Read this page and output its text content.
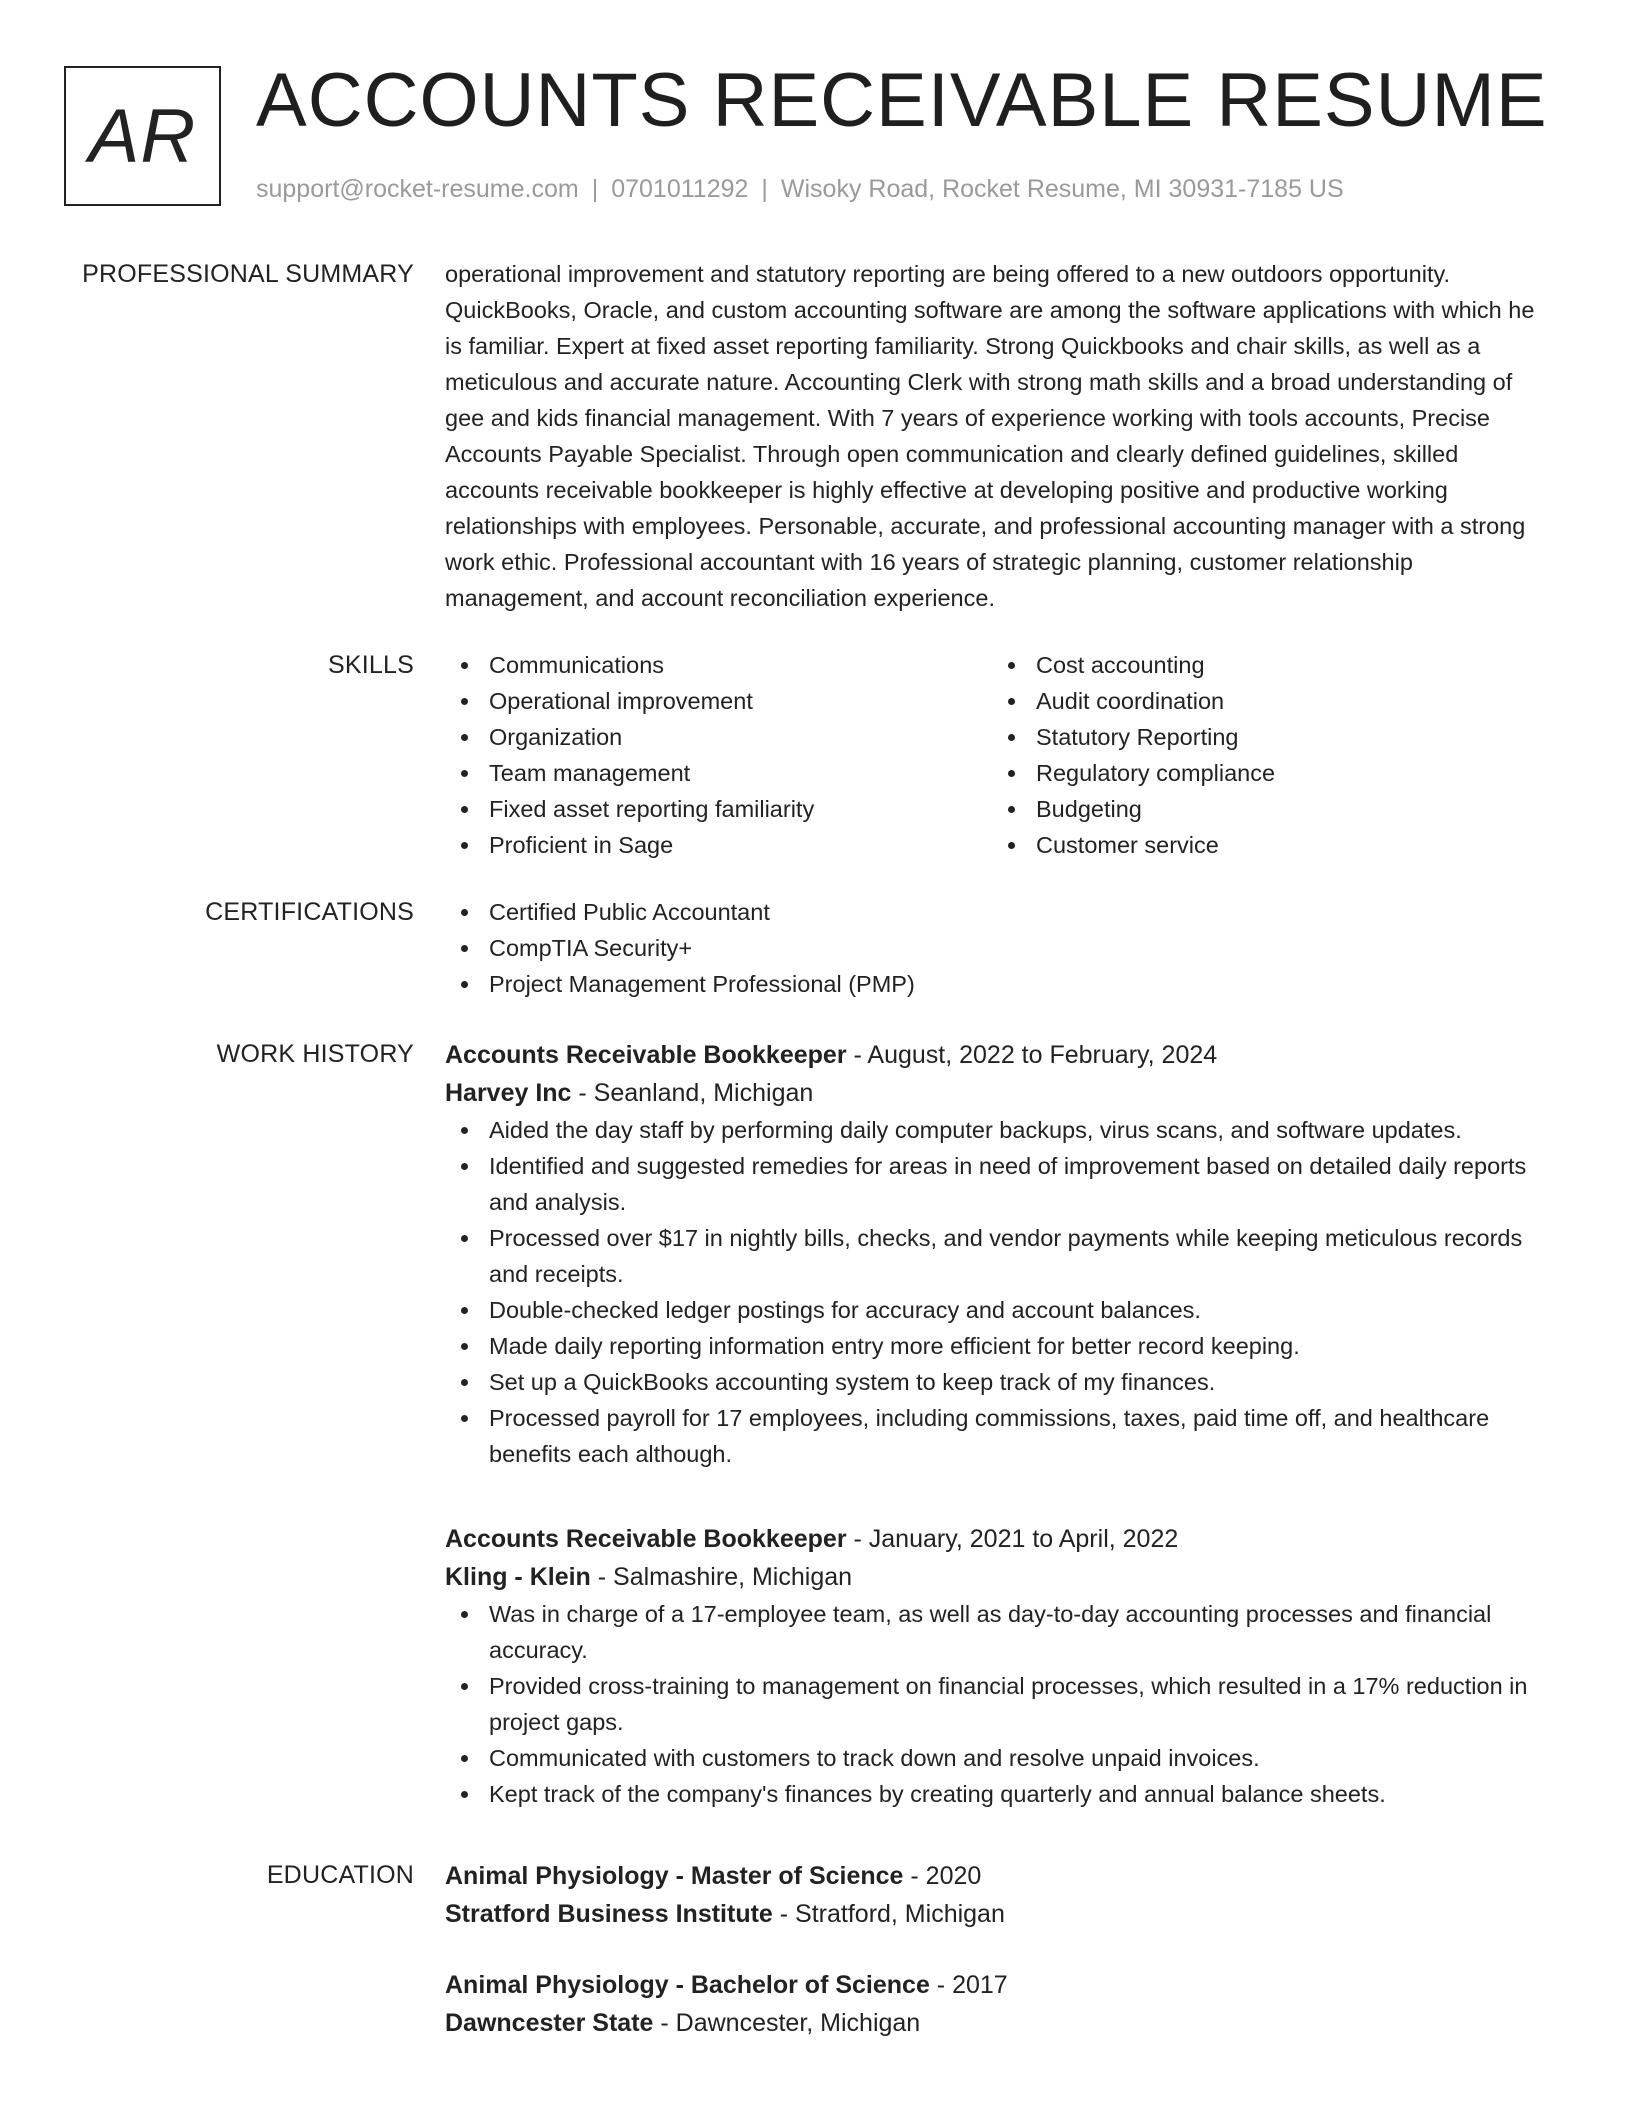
AR ACCOUNTS RECEIVABLE RESUME
support@rocket-resume.com | 0701011292 | Wisoky Road, Rocket Resume, MI 30931-7185 US
PROFESSIONAL SUMMARY operational improvement and statutory reporting are being offered to a new outdoors opportunity. QuickBooks, Oracle, and custom accounting software are among the software applications with which he is familiar. Expert at fixed asset reporting familiarity. Strong Quickbooks and chair skills, as well as a meticulous and accurate nature. Accounting Clerk with strong math skills and a broad understanding of gee and kids financial management. With 7 years of experience working with tools accounts, Precise Accounts Payable Specialist. Through open communication and clearly defined guidelines, skilled accounts receivable bookkeeper is highly effective at developing positive and productive working relationships with employees. Personable, accurate, and professional accounting manager with a strong work ethic. Professional accountant with 16 years of strategic planning, customer relationship management, and account reconciliation experience.

SKILLS	Communications
Operational improvement
Organization
Team management
Fixed asset reporting familiarity
Proficient in Sage
Cost accounting
Audit coordination
Statutory Reporting
Regulatory compliance
Budgeting
Customer service
CERTIFICATIONS	Certified Public Accountant
CompTIA Security+
Project Management Professional (PMP)
WORK HISTORY Accounts Receivable Bookkeeper - August, 2022 to February, 2024
Harvey Inc - Seanland, Michigan
Aided the day staff by performing daily computer backups, virus scans, and software updates.
Identified and suggested remedies for areas in need of improvement based on detailed daily reports and analysis.
Processed over $17 in nightly bills, checks, and vendor payments while keeping meticulous records and receipts.
Double-checked ledger postings for accuracy and account balances.
Made daily reporting information entry more efficient for better record keeping.
Set up a QuickBooks accounting system to keep track of my finances.
Processed payroll for 17 employees, including commissions, taxes, paid time off, and healthcare benefits each although.
Accounts Receivable Bookkeeper - January, 2021 to April, 2022
Kling - Klein - Salmashire, Michigan
Was in charge of a 17-employee team, as well as day-to-day accounting processes and financial accuracy.
Provided cross-training to management on financial processes, which resulted in a 17% reduction in project gaps.
Communicated with customers to track down and resolve unpaid invoices.
Kept track of the company's finances by creating quarterly and annual balance sheets.
EDUCATION Animal Physiology - Master of Science - 2020
Stratford Business Institute - Stratford, Michigan
Animal Physiology - Bachelor of Science - 2017
Dawncester State - Dawncester, Michigan
